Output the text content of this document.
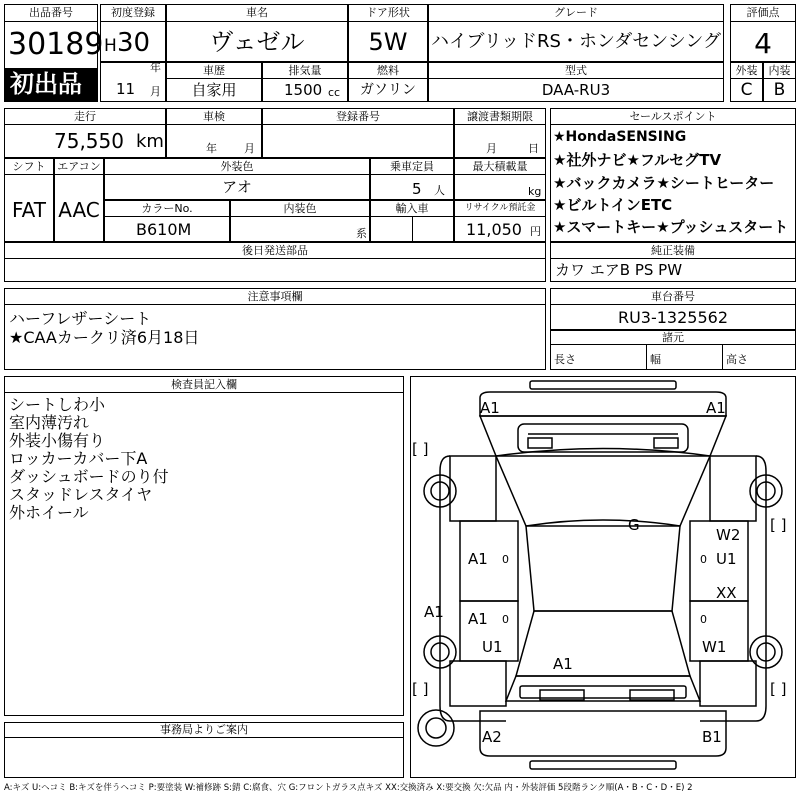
出品番号
30189
初出品
初度登録
H 30
年
車名
ヴェゼル
ドア形状
5W
グレード
ハイブリッドRS・ホンダセンシング
評価点
4
11 月
車歴
自家用
排気量
1500 cc
燃料
ガソリン
型式
DAA-RU3
外装
C
内装
B
走行
75,550 km
車検
年 月
登録番号	譲渡書類期限
月	日
シフト
FAT
エアコン
AAC
外装色
アオ
乗車定員
5 人
最大積載量
kg
カラーNo.
B610M
内装色
系
輸入車	リサイクル預託金
11,050 円
後日発送部品
セールスポイント
★HondaSENSING
★社外ナビ★フルセグTV
★バックカメラ★シートヒーター
★ビルトインETC
★スマートキー★プッシュスタート
純正装備
カワ エアB PS PW
注意事項欄
ハーフレザーシート
★CAAカークリ済6月18日
車台番号
RU3-1325562
諸元
長さ	幅	高さ
検査員記入欄
シートしわ小
室内薄汚れ
外装小傷有り
ロッカーカバー下A
ダッシュボードのり付
スタッドレスタイヤ
外ホイール
事務局よりご案内
A1	A1
[ ]
[ ]
G
W2
U1
A1 0	0
XX
A1 A1 0	0
U1	W1
A1
[ ]	[ ]
A2	B1
A:キズ U:ヘコミ B:キズを伴うヘコミ P:要塗装 W:補修跡 S:錆 C:腐食、穴 G:フロントガラス点キズ XX:交換済み X:要交換 欠:欠品 内・外装評価 5段階ランク順(A・B・C・D・E) 2
